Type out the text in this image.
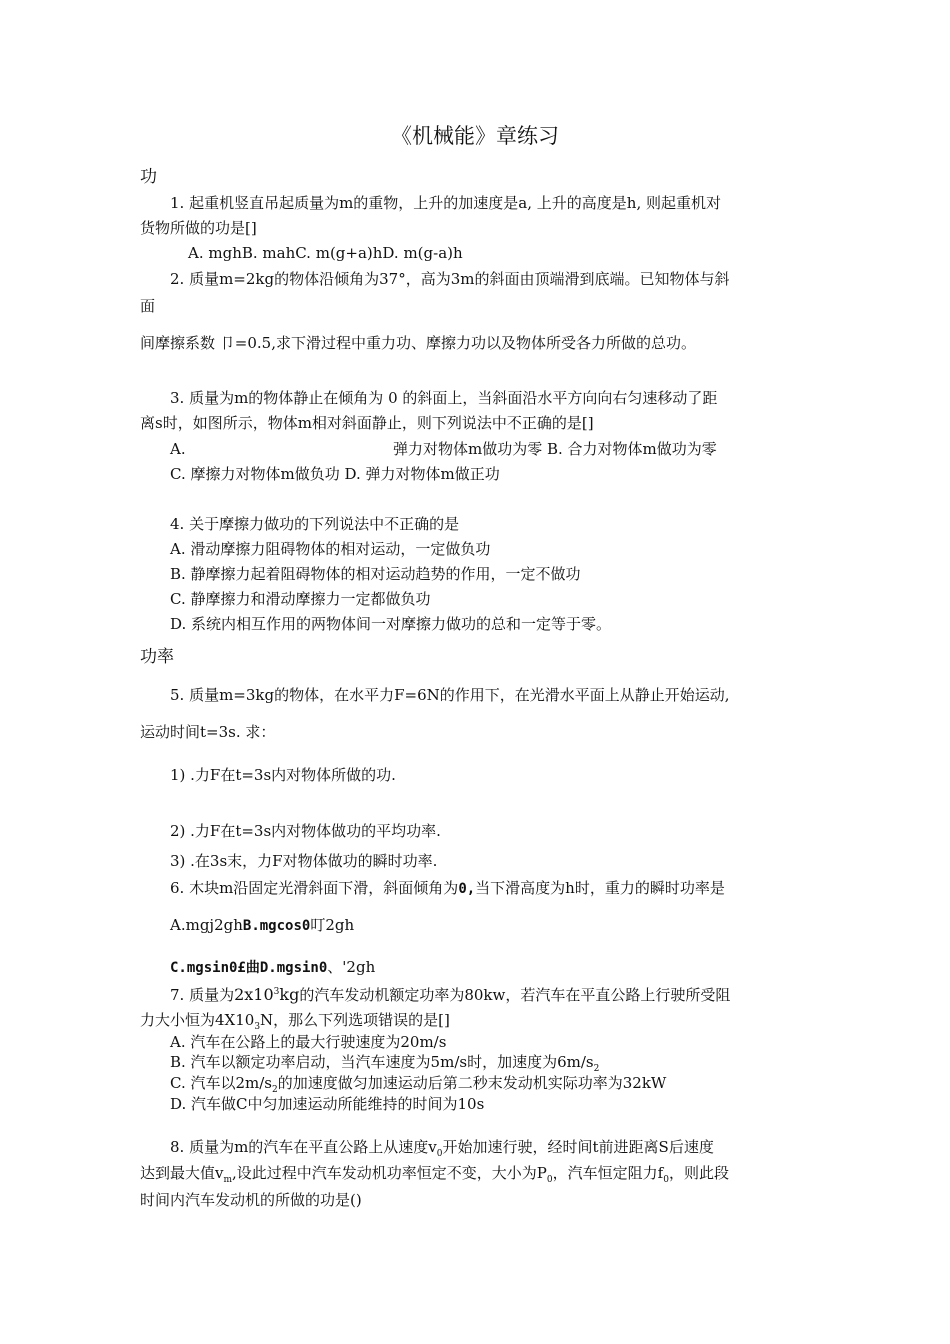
《机械能》章练习
功
1. 起重机竖直吊起质量为m的重物，上升的加速度是a, 上升的高度是h, 则起重机对
货物所做的功是[]
A. mghB. mahC. m(g+a)hD. m(g-a)h
2. 质量m=2kg的物体沿倾角为37°，高为3m的斜面由顶端滑到底端。已知物体与斜
面
间摩擦系数 卩=0.5,求下滑过程中重力功、摩擦力功以及物体所受各力所做的总功。
3. 质量为m的物体静止在倾角为 0 的斜面上，当斜面沿水平方向向右匀速移动了距
离s时，如图所示，物体m相对斜面静止，则下列说法中不正确的是[]
A.	弹力对物体m做功为零 B. 合力对物体m做功为零
C. 摩擦力对物体m做负功 D. 弹力对物体m做正功
4. 关于摩擦力做功的下列说法中不正确的是
A. 滑动摩擦力阻碍物体的相对运动，一定做负功
B. 静摩擦力起着阻碍物体的相对运动趋势的作用，一定不做功
C. 静摩擦力和滑动摩擦力一定都做负功
D. 系统内相互作用的两物体间一对摩擦力做功的总和一定等于零。
功率
5. 质量m=3kg的物体，在水平力F=6N的作用下，在光滑水平面上从静止开始运动,
运动时间t=3s. 求：
1) .力F在t=3s内对物体所做的功.
2) .力F在t=3s内对物体做功的平均功率.
3) .在3s末，力F对物体做功的瞬时功率.
6. 木块m沿固定光滑斜面下滑，斜面倾角为0,当下滑高度为h时，重力的瞬时功率是
A.mgj2ghB.mgcos0叮2gh
C.mgsin0£曲D.mgsin0、'2gh
7. 质量为$2x10^3kg$的汽车发动机额定功率为80kw，若汽车在平直公路上行驶所受阻
力大小恒为$4X10_3N$，那么下列选项错误的是[]
A. 汽车在公路上的最大行驶速度为20m/s
B. 汽车以额定功率启动，当汽车速度为5m/s时，加速度为$6m/s_2$
C. 汽车以$2m/s_2$的加速度做匀加速运动后第二秒末发动机实际功率为32kW
D. 汽车做C中匀加速运动所能维持的时间为10s
8. 质量为m的汽车在平直公路上从速度$v_0$开始加速行驶，经时间t前进距离S后速度
达到最大值$v_m$,设此过程中汽车发动机功率恒定不变，大小为$P_0$，汽车恒定阻力$f_0$，则此段
时间内汽车发动机的所做的功是()
